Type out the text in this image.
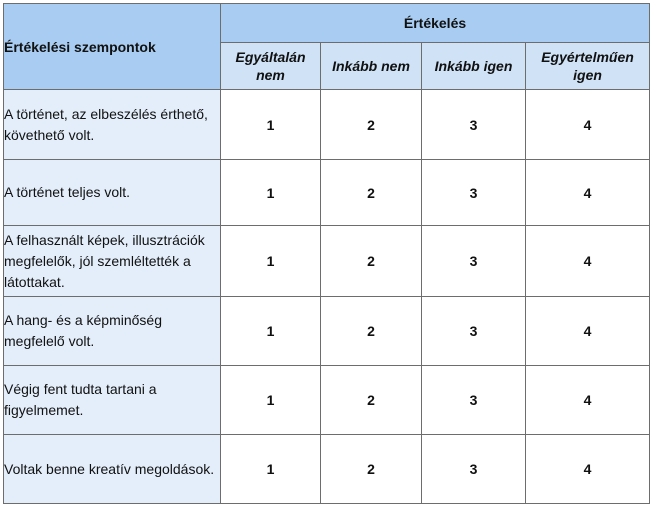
Értékelési szempontok	Értékelés			
	Egyáltalán nem	Inkább nem	Inkább igen	Egyértelműen igen
A történet, az elbeszélés érthető, követhető volt.	1	2	3	4
A történet teljes volt.	1	2	3	4
A felhasznált képek, illusztrációk megfelelők, jól szemléltették a látottakat.	1	2	3	4
A hang- és a képminőség megfelelő volt.	1	2	3	4
Végig fent tudta tartani a figyelmemet.	1	2	3	4
Voltak benne kreatív megoldások.	1	2	3	4
